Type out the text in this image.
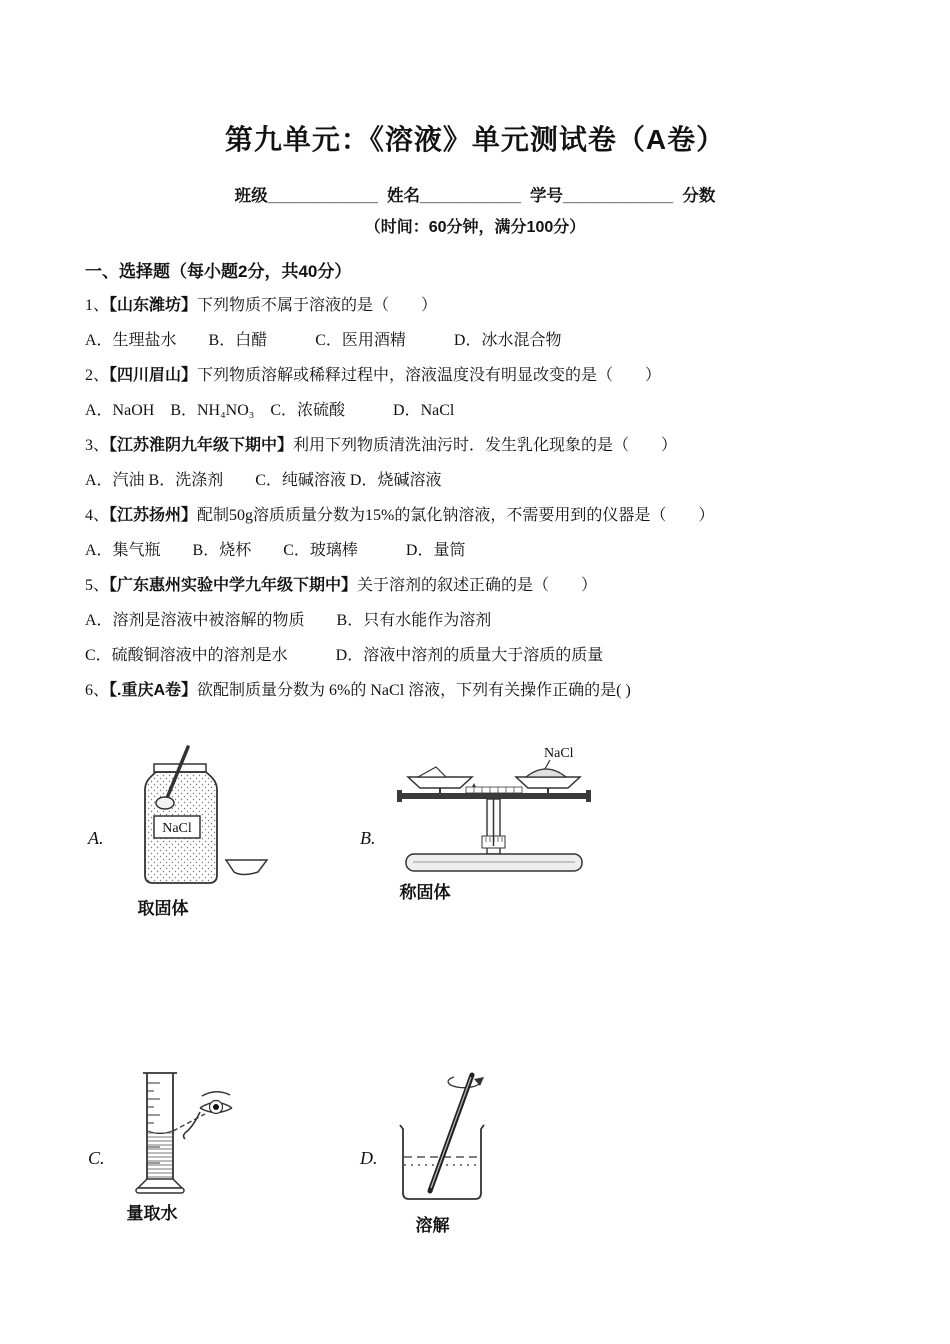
第九单元：《溶液》单元测试卷（A卷）
班级____________  姓名___________  学号____________  分数
（时间：60分钟，满分100分）
一、选择题（每小题2分，共40分）
1、【山东潍坊】下列物质不属于溶液的是（　　）
A．生理盐水　　B．白醋　　　C．医用酒精　　　D．冰水混合物
2、【四川眉山】下列物质溶解或稀释过程中，溶液温度没有明显改变的是（　　）
A．NaOH　B．NH₄NO₃　C．浓硫酸　　　D．NaCl
3、【江苏淮阴九年级下期中】利用下列物质清洗油污时．发生乳化现象的是（　　）
A．汽油 B．洗涤剂　　C．纯碱溶液 D．烧碱溶液
4、【江苏扬州】配制50g溶质质量分数为15%的氯化钠溶液，不需要用到的仪器是（　　）
A．集气瓶　　B．烧杯　　C．玻璃棒　　　D．量筒
5、【广东惠州实验中学九年级下期中】关于溶剂的叙述正确的是（　　）
A．溶剂是溶液中被溶解的物质　　B．只有水能作为溶剂
C．硫酸铜溶液中的溶剂是水　　　D．溶液中溶剂的质量大于溶质的质量
6、【.重庆A卷】欲配制质量分数为 6%的 NaCl 溶液，下列有关操作正确的是( )
A.	NaCl
取固体
B.
NaCl
称固体
C.
量取水
D.
溶解
